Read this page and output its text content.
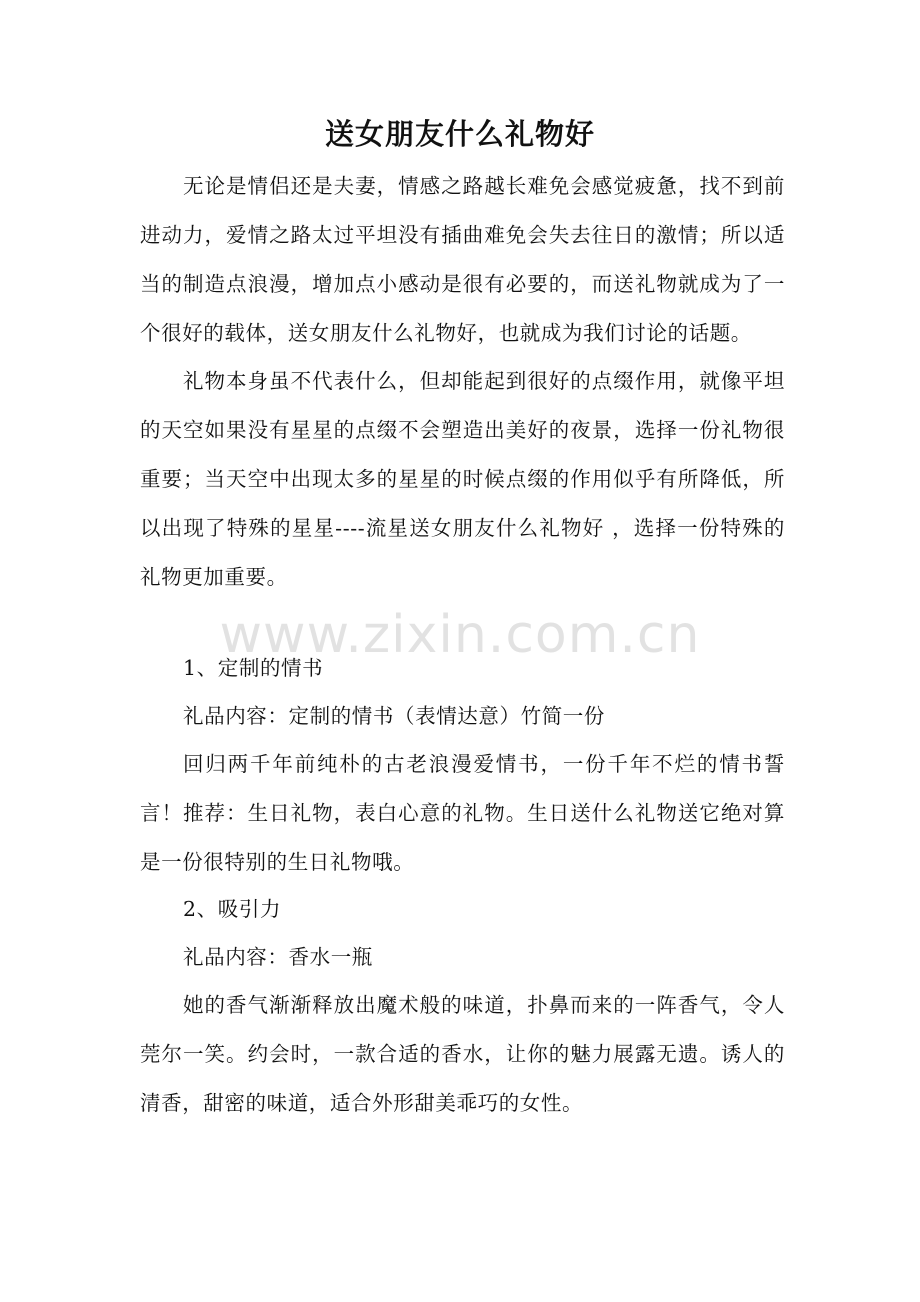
送女朋友什么礼物好

无论是情侣还是夫妻，情感之路越长难免会感觉疲惫，找不到前进动力，爱情之路太过平坦没有插曲难免会失去往日的激情；所以适当的制造点浪漫，增加点小感动是很有必要的，而送礼物就成为了一个很好的载体，送女朋友什么礼物好，也就成为我们讨论的话题。

礼物本身虽不代表什么，但却能起到很好的点缀作用，就像平坦的天空如果没有星星的点缀不会塑造出美好的夜景，选择一份礼物很重要；当天空中出现太多的星星的时候点缀的作用似乎有所降低，所以出现了特殊的星星----流星送女朋友什么礼物好 ，选择一份特殊的礼物更加重要。

www.zixin.com.cn

1、定制的情书

礼品内容：定制的情书（表情达意）竹简一份

回归两千年前纯朴的古老浪漫爱情书，一份千年不烂的情书誓言！推荐：生日礼物，表白心意的礼物。生日送什么礼物送它绝对算是一份很特别的生日礼物哦。

2、吸引力

礼品内容：香水一瓶

她的香气渐渐释放出魔术般的味道，扑鼻而来的一阵香气，令人莞尔一笑。约会时，一款合适的香水，让你的魅力展露无遗。诱人的清香，甜密的味道，适合外形甜美乖巧的女性。
